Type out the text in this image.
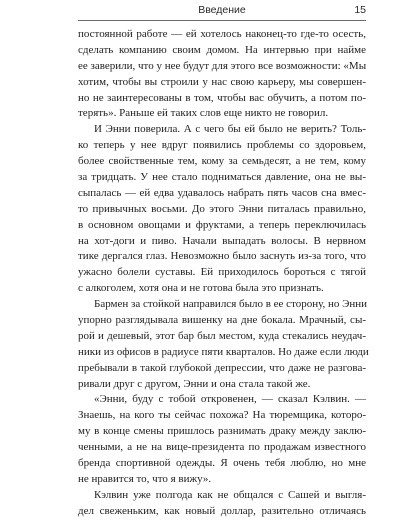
Введение	15
постоянной работе — ей хотелось наконец-то где-то осесть,
сделать компанию своим домом. На интервью при найме
ее заверили, что у нее будут для этого все возможности: «Мы
хотим, чтобы вы строили у нас свою карьеру, мы совершен-
но не заинтересованы в том, чтобы вас обучить, а потом по-
терять». Раньше ей таких слов еще никто не говорил.
И Энни поверила. А с чего бы ей было не верить? Толь-
ко теперь у нее вдруг появились проблемы со здоровьем,
более свойственные тем, кому за семьдесят, а не тем, кому
за тридцать. У нее стало подниматься давление, она не вы-
сыпалась — ей едва удавалось набрать пять часов сна вмес-
то привычных восьми. До этого Энни питалась правильно,
в основном овощами и фруктами, а теперь переключилась
на хот-доги и пиво. Начали выпадать волосы. В нервном
тике дергался глаз. Невозможно было заснуть из-за того, что
ужасно болели суставы. Ей приходилось бороться с тягой
с алкоголем, хотя она и не готова была это признать.
Бармен за стойкой направился было в ее сторону, но Энни
упорно разглядывала вишенку на дне бокала. Мрачный, сы-
рой и дешевый, этот бар был местом, куда стекались неудач-
ники из офисов в радиусе пяти кварталов. Но даже если люди
пребывали в такой глубокой депрессии, что даже не разгова-
ривали друг с другом, Энни и она стала такой же.
«Энни, буду с тобой откровенен, — сказал Кэлвин. —
Знаешь, на кого ты сейчас похожа? На тюремщика, которо-
му в конце смены пришлось разнимать драку между заклю-
ченными, а не на вице-президента по продажам известного
бренда спортивной одежды. Я очень тебя люблю, но мне
не нравится то, что я вижу».
Кэлвин уже полгода как не общался с Сашей и выгля-
дел свеженьким, как новый доллар, разительно отличаясь
